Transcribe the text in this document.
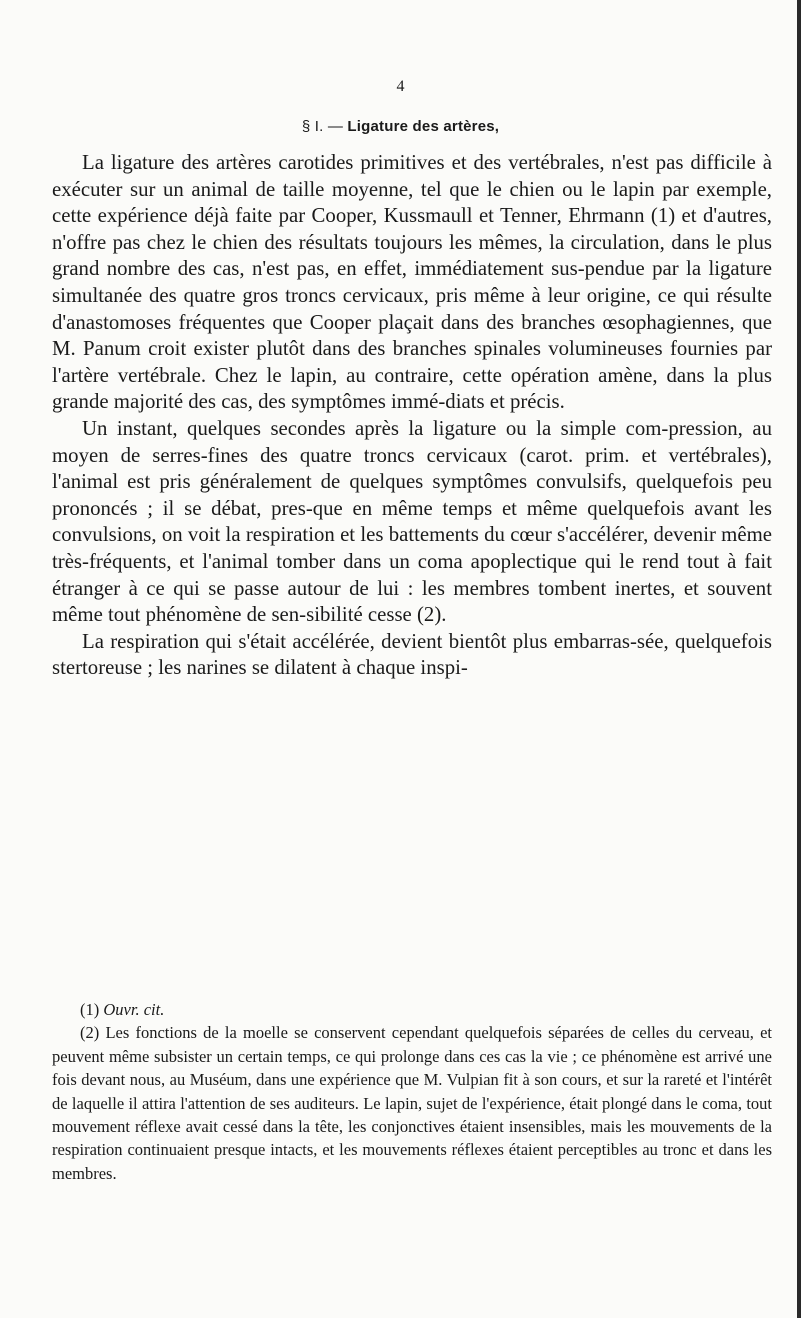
4
§ I. — Ligature des artères,

La ligature des artères carotides primitives et des vertébrales, n'est pas difficile à exécuter sur un animal de taille moyenne, tel que le chien ou le lapin par exemple, cette expérience déjà faite par Cooper, Kussmaull et Tenner, Ehrmann (1) et d'autres, n'offre pas chez le chien des résultats toujours les mêmes, la circulation, dans le plus grand nombre des cas, n'est pas, en effet, immédiatement sus-pendue par la ligature simultanée des quatre gros troncs cervicaux, pris même à leur origine, ce qui résulte d'anastomoses fréquentes que Cooper plaçait dans des branches œsophagiennes, que M. Panum croit exister plutôt dans des branches spinales volumineuses fournies par l'artère vertébrale. Chez le lapin, au contraire, cette opération amène, dans la plus grande majorité des cas, des symptômes immé-diats et précis.

Un instant, quelques secondes après la ligature ou la simple com-pression, au moyen de serres-fines des quatre troncs cervicaux (carot. prim. et vertébrales), l'animal est pris généralement de quelques symptômes convulsifs, quelquefois peu prononcés ; il se débat, pres-que en même temps et même quelquefois avant les convulsions, on voit la respiration et les battements du cœur s'accélérer, devenir même très-fréquents, et l'animal tomber dans un coma apoplectique qui le rend tout à fait étranger à ce qui se passe autour de lui : les membres tombent inertes, et souvent même tout phénomène de sen-sibilité cesse (2).

La respiration qui s'était accélérée, devient bientôt plus embarras-sée, quelquefois stertoreuse ; les narines se dilatent à chaque inspi-

(1) Ouvr. cit.

(2) Les fonctions de la moelle se conservent cependant quelquefois séparées de celles du cerveau, et peuvent même subsister un certain temps, ce qui prolonge dans ces cas la vie ; ce phénomène est arrivé une fois devant nous, au Muséum, dans une expérience que M. Vulpian fit à son cours, et sur la rareté et l'intérêt de laquelle il attira l'attention de ses auditeurs. Le lapin, sujet de l'expérience, était plongé dans le coma, tout mouvement réflexe avait cessé dans la tête, les conjonctives étaient insensibles, mais les mouvements de la respiration continuaient presque intacts, et les mouvements réflexes étaient perceptibles au tronc et dans les membres.
